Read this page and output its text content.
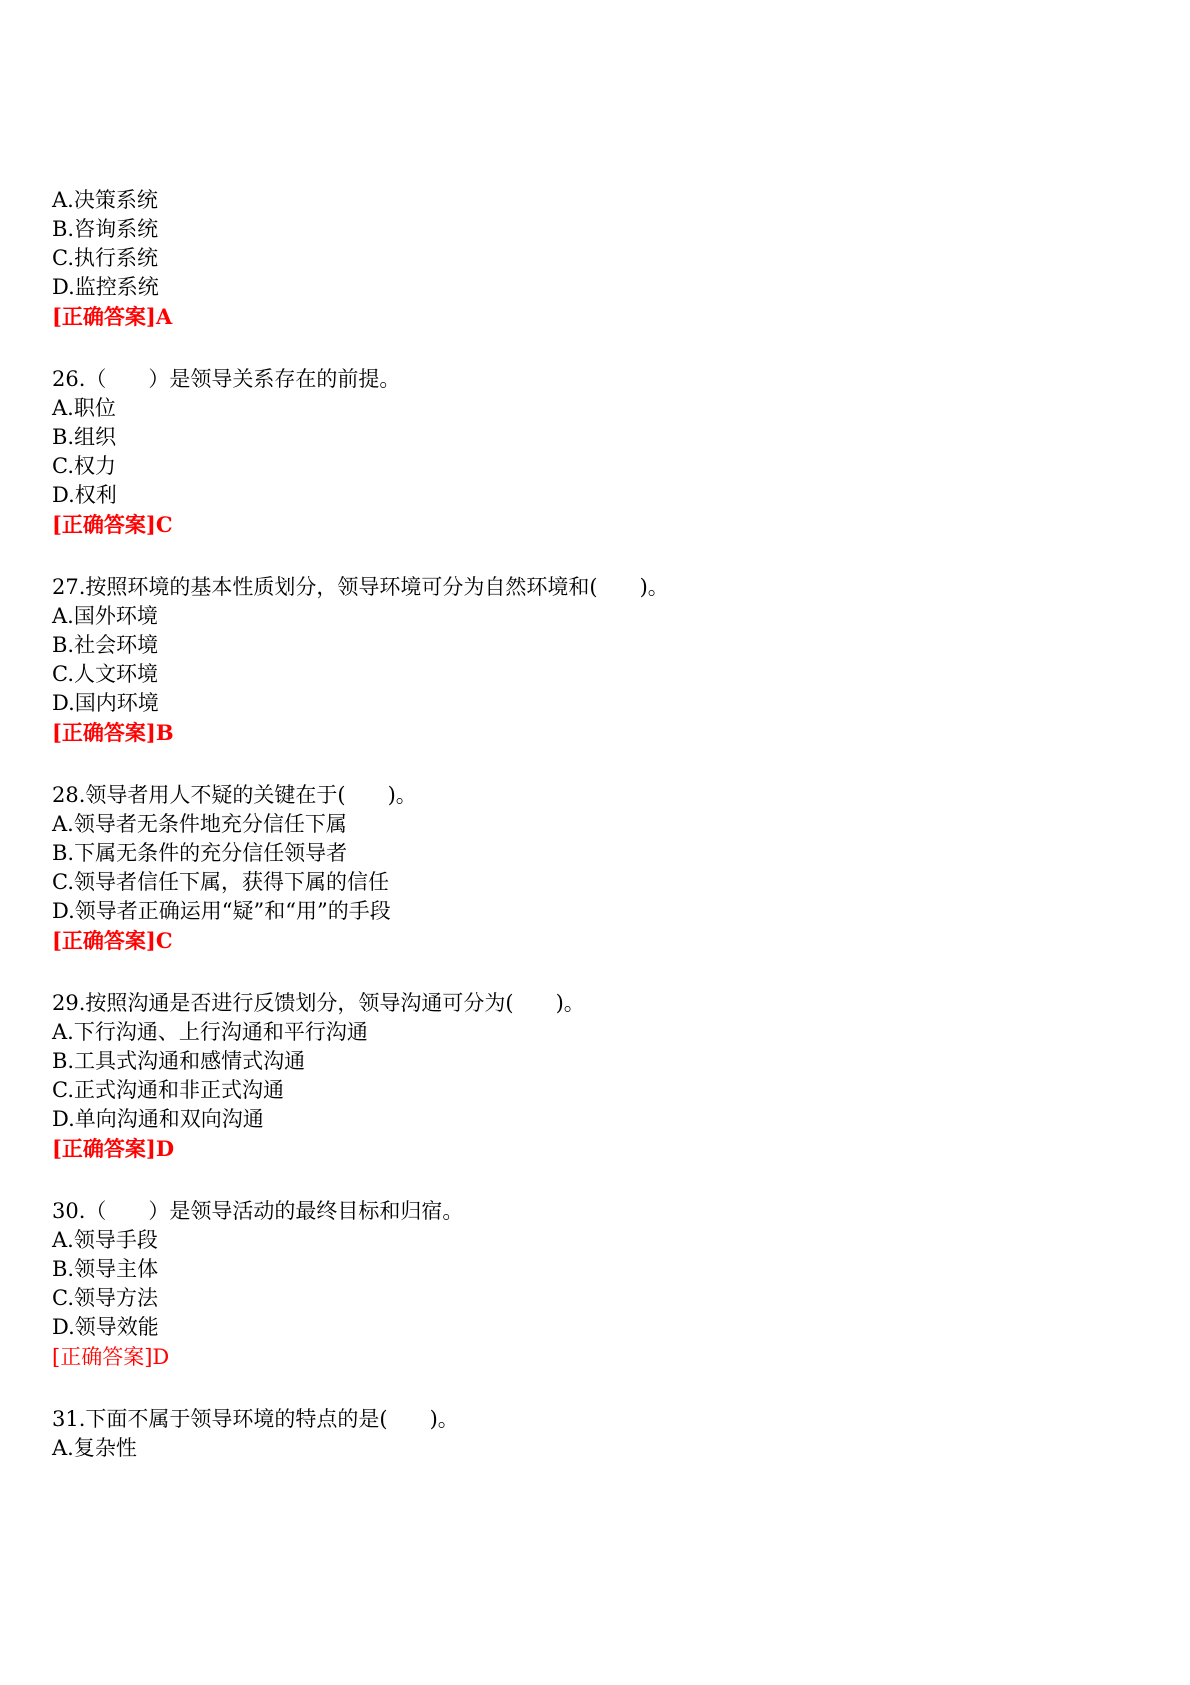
A.决策系统
B.咨询系统
C.执行系统
D.监控系统
[正确答案]A
26.（　　）是领导关系存在的前提。
A.职位
B.组织
C.权力
D.权利
[正确答案]C
27.按照环境的基本性质划分，领导环境可分为自然环境和(　　)。
A.国外环境
B.社会环境
C.人文环境
D.国内环境
[正确答案]B
28.领导者用人不疑的关键在于(　　)。
A.领导者无条件地充分信任下属
B.下属无条件的充分信任领导者
C.领导者信任下属，获得下属的信任
D.领导者正确运用“疑”和“用”的手段
[正确答案]C
29.按照沟通是否进行反馈划分，领导沟通可分为(　　)。
A.下行沟通、上行沟通和平行沟通
B.工具式沟通和感情式沟通
C.正式沟通和非正式沟通
D.单向沟通和双向沟通
[正确答案]D
30.（　　）是领导活动的最终目标和归宿。
A.领导手段
B.领导主体
C.领导方法
D.领导效能
[正确答案]D
31.下面不属于领导环境的特点的是(　　)。
A.复杂性
